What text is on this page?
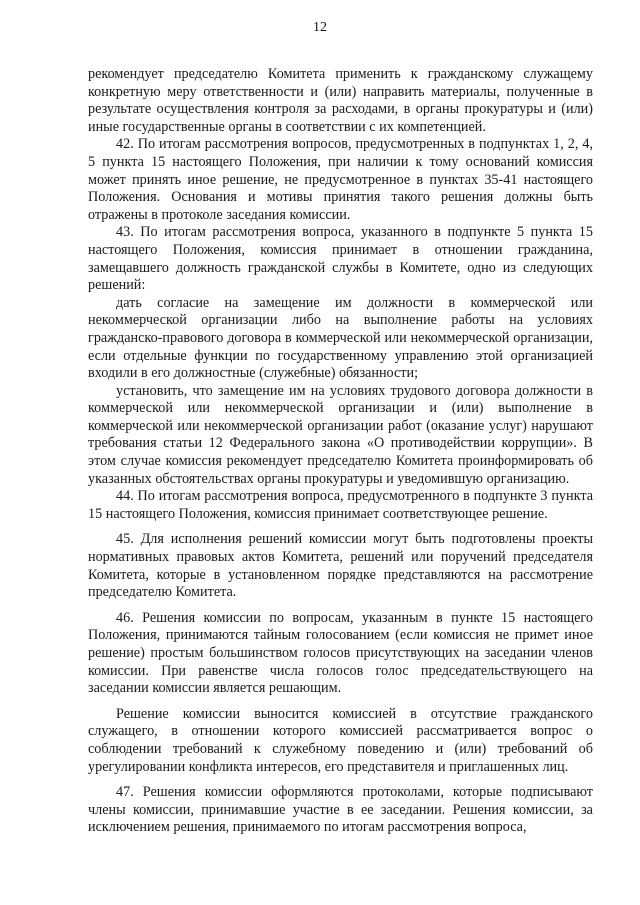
12

рекомендует председателю Комитета применить к гражданскому служащему конкретную меру ответственности и (или) направить материалы, полученные в результате осуществления контроля за расходами, в органы прокуратуры и (или) иные государственные органы в соответствии с их компетенцией.

42. По итогам рассмотрения вопросов, предусмотренных в подпунктах 1, 2, 4, 5 пункта 15 настоящего Положения, при наличии к тому оснований комиссия может принять иное решение, не предусмотренное в пунктах 35-41 настоящего Положения. Основания и мотивы принятия такого решения должны быть отражены в протоколе заседания комиссии.

43. По итогам рассмотрения вопроса, указанного в подпункте 5 пункта 15 настоящего Положения, комиссия принимает в отношении гражданина, замещавшего должность гражданской службы в Комитете, одно из следующих решений:

дать согласие на замещение им должности в коммерческой или некоммерческой организации либо на выполнение работы на условиях гражданско-правового договора в коммерческой или некоммерческой организации, если отдельные функции по государственному управлению этой организацией входили в его должностные (служебные) обязанности;

установить, что замещение им на условиях трудового договора должности в коммерческой или некоммерческой организации и (или) выполнение в коммерческой или некоммерческой организации работ (оказание услуг) нарушают требования статьи 12 Федерального закона «О противодействии коррупции». В этом случае комиссия рекомендует председателю Комитета проинформировать об указанных обстоятельствах органы прокуратуры и уведомившую организацию.

44. По итогам рассмотрения вопроса, предусмотренного в подпункте 3 пункта 15 настоящего Положения, комиссия принимает соответствующее решение.

45. Для исполнения решений комиссии могут быть подготовлены проекты нормативных правовых актов Комитета, решений или поручений председателя Комитета, которые в установленном порядке представляются на рассмотрение председателю Комитета.

46. Решения комиссии по вопросам, указанным в пункте 15 настоящего Положения, принимаются тайным голосованием (если комиссия не примет иное решение) простым большинством голосов присутствующих на заседании членов комиссии. При равенстве числа голосов голос председательствующего на заседании комиссии является решающим.

Решение комиссии выносится комиссией в отсутствие гражданского служащего, в отношении которого комиссией рассматривается вопрос о соблюдении требований к служебному поведению и (или) требований об урегулировании конфликта интересов, его представителя и приглашенных лиц.

47. Решения комиссии оформляются протоколами, которые подписывают члены комиссии, принимавшие участие в ее заседании. Решения комиссии, за исключением решения, принимаемого по итогам рассмотрения вопроса,
